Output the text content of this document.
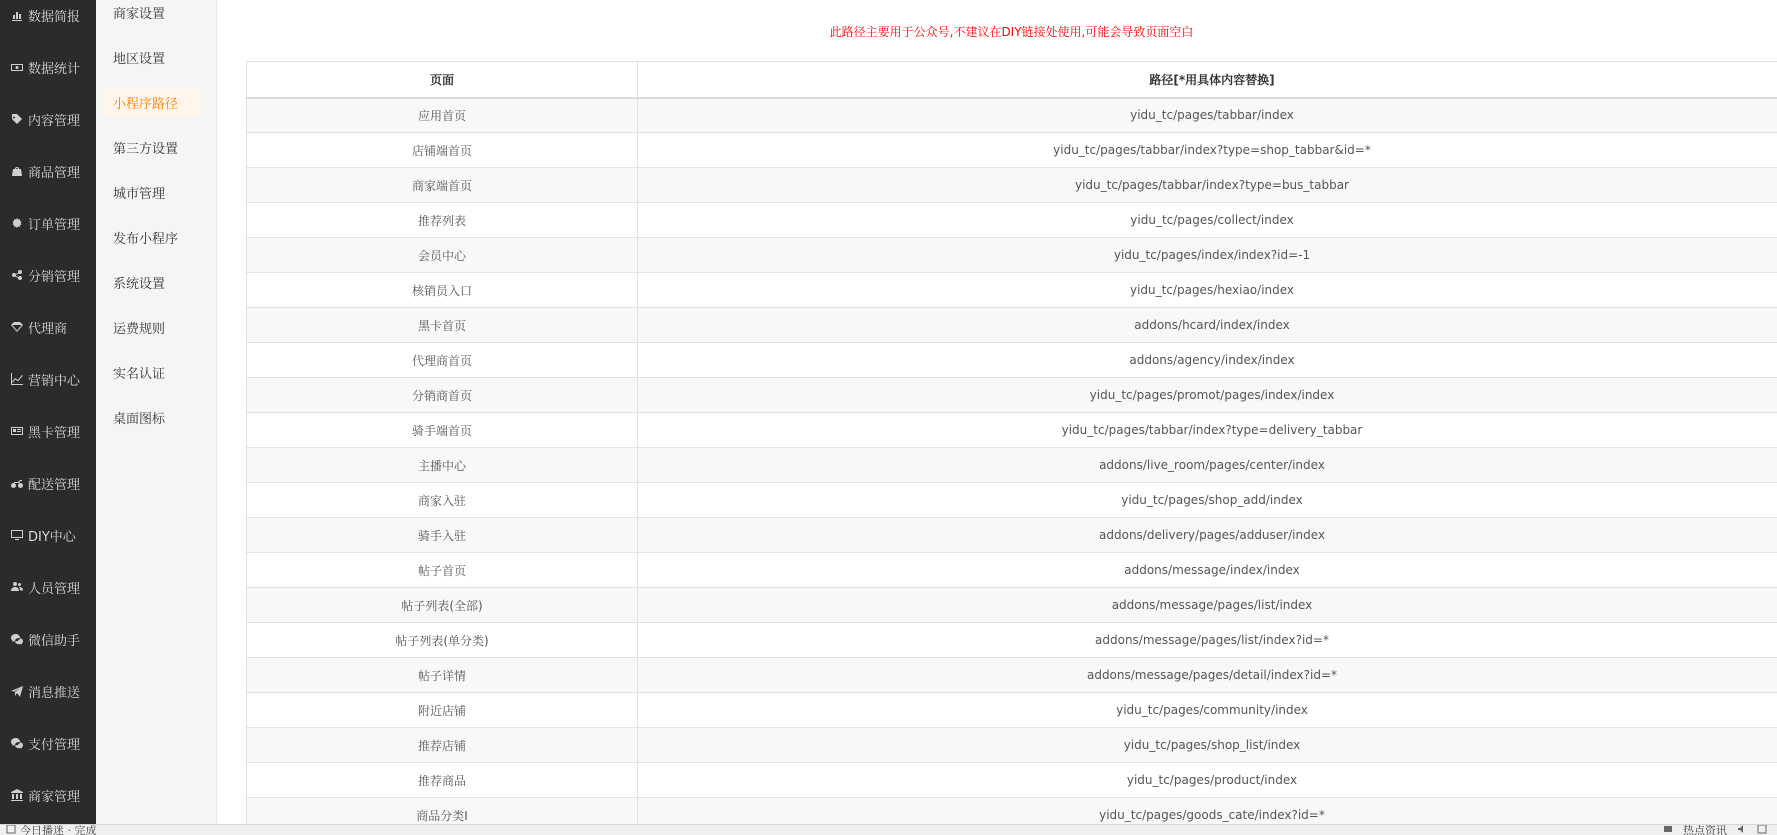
数据简报
数据统计
内容管理
商品管理
订单管理
分销管理
代理商
营销中心
黑卡管理
配送管理
DIY中心
人员管理
微信助手
消息推送
支付管理
商家管理
商家设置
地区设置
小程序路径
第三方设置
城市管理
发布小程序
系统设置
运费规则
实名认证
桌面图标
此路径主要用于公众号,不建议在DIY链接处使用,可能会导致页面空白
页面	路径[*用具体内容替换]
应用首页	yidu_tc/pages/tabbar/index
店铺端首页	yidu_tc/pages/tabbar/index?type=shop_tabbar&id=*
商家端首页	yidu_tc/pages/tabbar/index?type=bus_tabbar
推荐列表	yidu_tc/pages/collect/index
会员中心	yidu_tc/pages/index/index?id=-1
核销员入口	yidu_tc/pages/hexiao/index
黑卡首页	addons/hcard/index/index
代理商首页	addons/agency/index/index
分销商首页	yidu_tc/pages/promot/pages/index/index
骑手端首页	yidu_tc/pages/tabbar/index?type=delivery_tabbar
主播中心	addons/live_room/pages/center/index
商家入驻	yidu_tc/pages/shop_add/index
骑手入驻	addons/delivery/pages/adduser/index
帖子首页	addons/message/index/index
帖子列表(全部)	addons/message/pages/list/index
帖子列表(单分类)	addons/message/pages/list/index?id=*
帖子详情	addons/message/pages/detail/index?id=*
附近店铺	yidu_tc/pages/community/index
推荐店铺	yidu_tc/pages/shop_list/index
推荐商品	yidu_tc/pages/product/index
商品分类Ⅰ	yidu_tc/pages/goods_cate/index?id=*
今日播迷 · 完成	热点资讯
